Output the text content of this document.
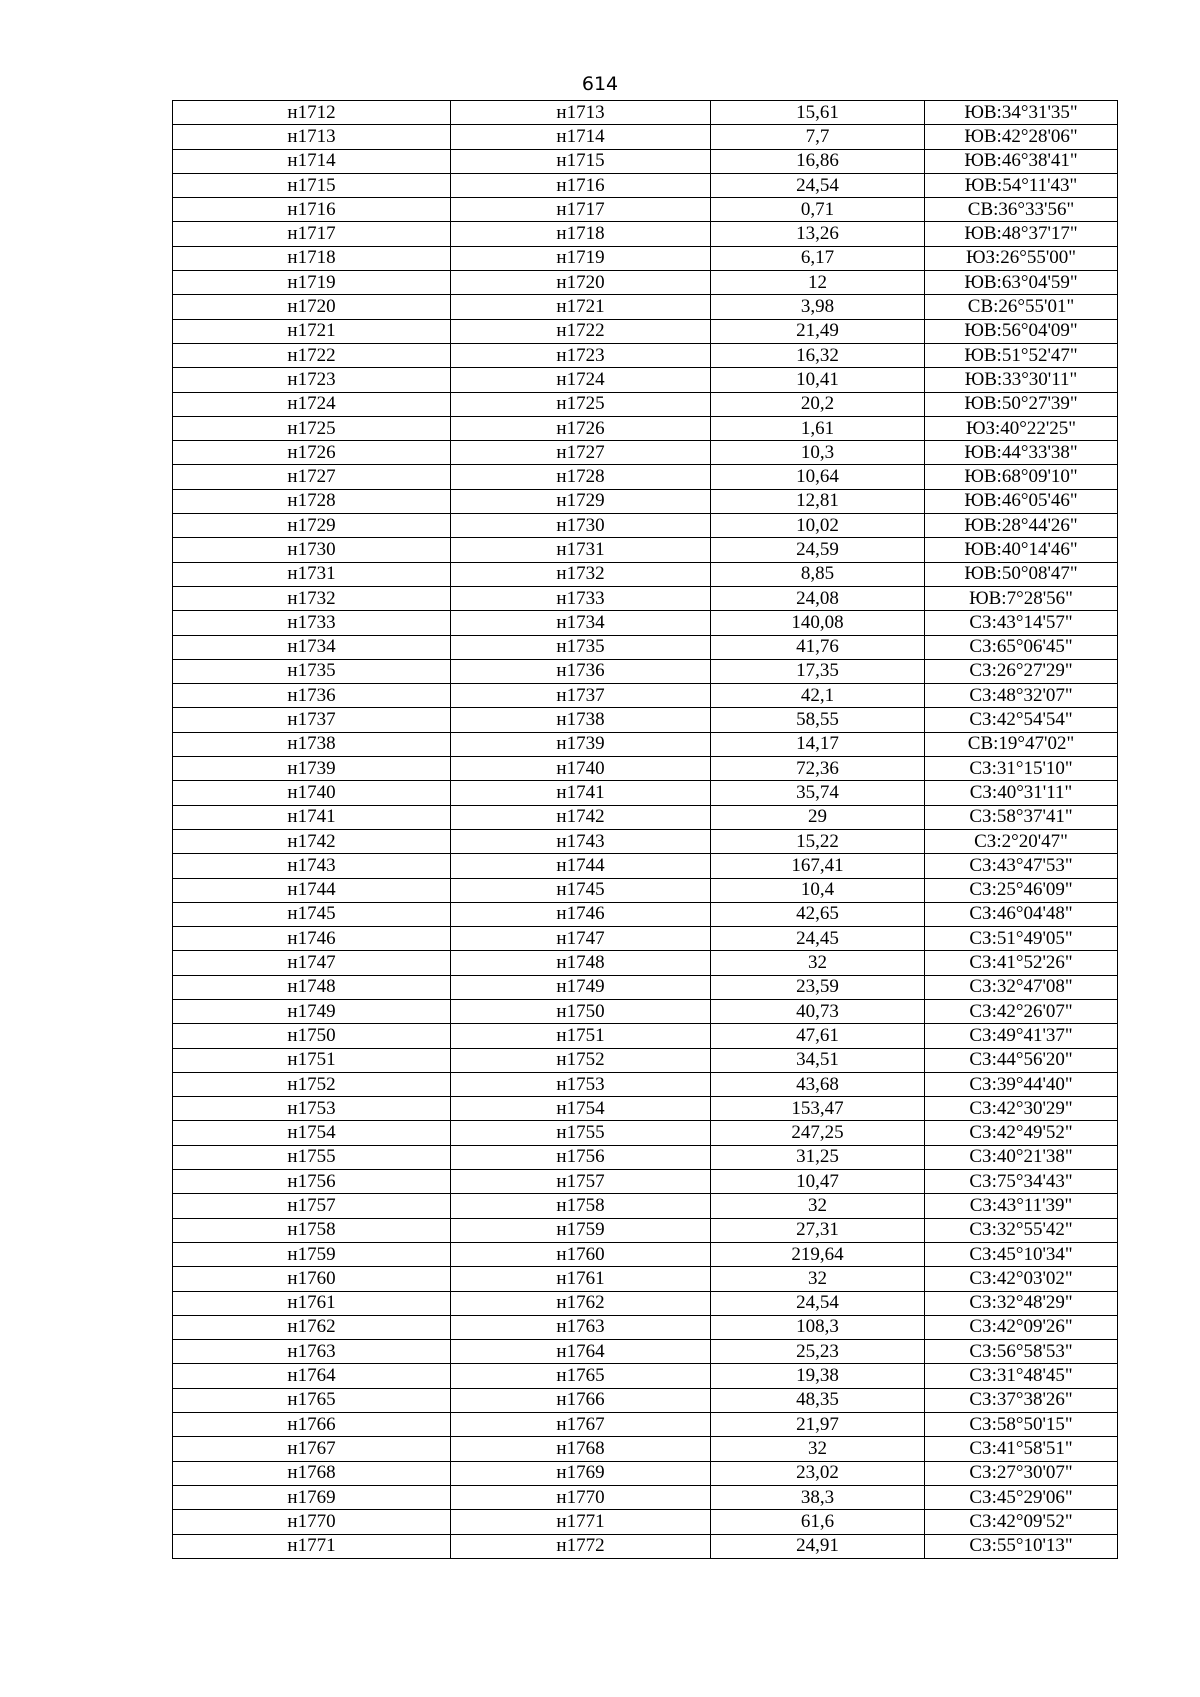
614
н1712	н1713	15,61	ЮВ:34°31'35"
н1713	н1714	7,7	ЮВ:42°28'06"
н1714	н1715	16,86	ЮВ:46°38'41"
н1715	н1716	24,54	ЮВ:54°11'43"
н1716	н1717	0,71	СВ:36°33'56"
н1717	н1718	13,26	ЮВ:48°37'17"
н1718	н1719	6,17	ЮЗ:26°55'00"
н1719	н1720	12	ЮВ:63°04'59"
н1720	н1721	3,98	СВ:26°55'01"
н1721	н1722	21,49	ЮВ:56°04'09"
н1722	н1723	16,32	ЮВ:51°52'47"
н1723	н1724	10,41	ЮВ:33°30'11"
н1724	н1725	20,2	ЮВ:50°27'39"
н1725	н1726	1,61	ЮЗ:40°22'25"
н1726	н1727	10,3	ЮВ:44°33'38"
н1727	н1728	10,64	ЮВ:68°09'10"
н1728	н1729	12,81	ЮВ:46°05'46"
н1729	н1730	10,02	ЮВ:28°44'26"
н1730	н1731	24,59	ЮВ:40°14'46"
н1731	н1732	8,85	ЮВ:50°08'47"
н1732	н1733	24,08	ЮВ:7°28'56"
н1733	н1734	140,08	СЗ:43°14'57"
н1734	н1735	41,76	СЗ:65°06'45"
н1735	н1736	17,35	СЗ:26°27'29"
н1736	н1737	42,1	СЗ:48°32'07"
н1737	н1738	58,55	СЗ:42°54'54"
н1738	н1739	14,17	СВ:19°47'02"
н1739	н1740	72,36	СЗ:31°15'10"
н1740	н1741	35,74	СЗ:40°31'11"
н1741	н1742	29	СЗ:58°37'41"
н1742	н1743	15,22	СЗ:2°20'47"
н1743	н1744	167,41	СЗ:43°47'53"
н1744	н1745	10,4	СЗ:25°46'09"
н1745	н1746	42,65	СЗ:46°04'48"
н1746	н1747	24,45	СЗ:51°49'05"
н1747	н1748	32	СЗ:41°52'26"
н1748	н1749	23,59	СЗ:32°47'08"
н1749	н1750	40,73	СЗ:42°26'07"
н1750	н1751	47,61	СЗ:49°41'37"
н1751	н1752	34,51	СЗ:44°56'20"
н1752	н1753	43,68	СЗ:39°44'40"
н1753	н1754	153,47	СЗ:42°30'29"
н1754	н1755	247,25	СЗ:42°49'52"
н1755	н1756	31,25	СЗ:40°21'38"
н1756	н1757	10,47	СЗ:75°34'43"
н1757	н1758	32	СЗ:43°11'39"
н1758	н1759	27,31	СЗ:32°55'42"
н1759	н1760	219,64	СЗ:45°10'34"
н1760	н1761	32	СЗ:42°03'02"
н1761	н1762	24,54	СЗ:32°48'29"
н1762	н1763	108,3	СЗ:42°09'26"
н1763	н1764	25,23	СЗ:56°58'53"
н1764	н1765	19,38	СЗ:31°48'45"
н1765	н1766	48,35	СЗ:37°38'26"
н1766	н1767	21,97	СЗ:58°50'15"
н1767	н1768	32	СЗ:41°58'51"
н1768	н1769	23,02	СЗ:27°30'07"
н1769	н1770	38,3	СЗ:45°29'06"
н1770	н1771	61,6	СЗ:42°09'52"
н1771	н1772	24,91	СЗ:55°10'13"
